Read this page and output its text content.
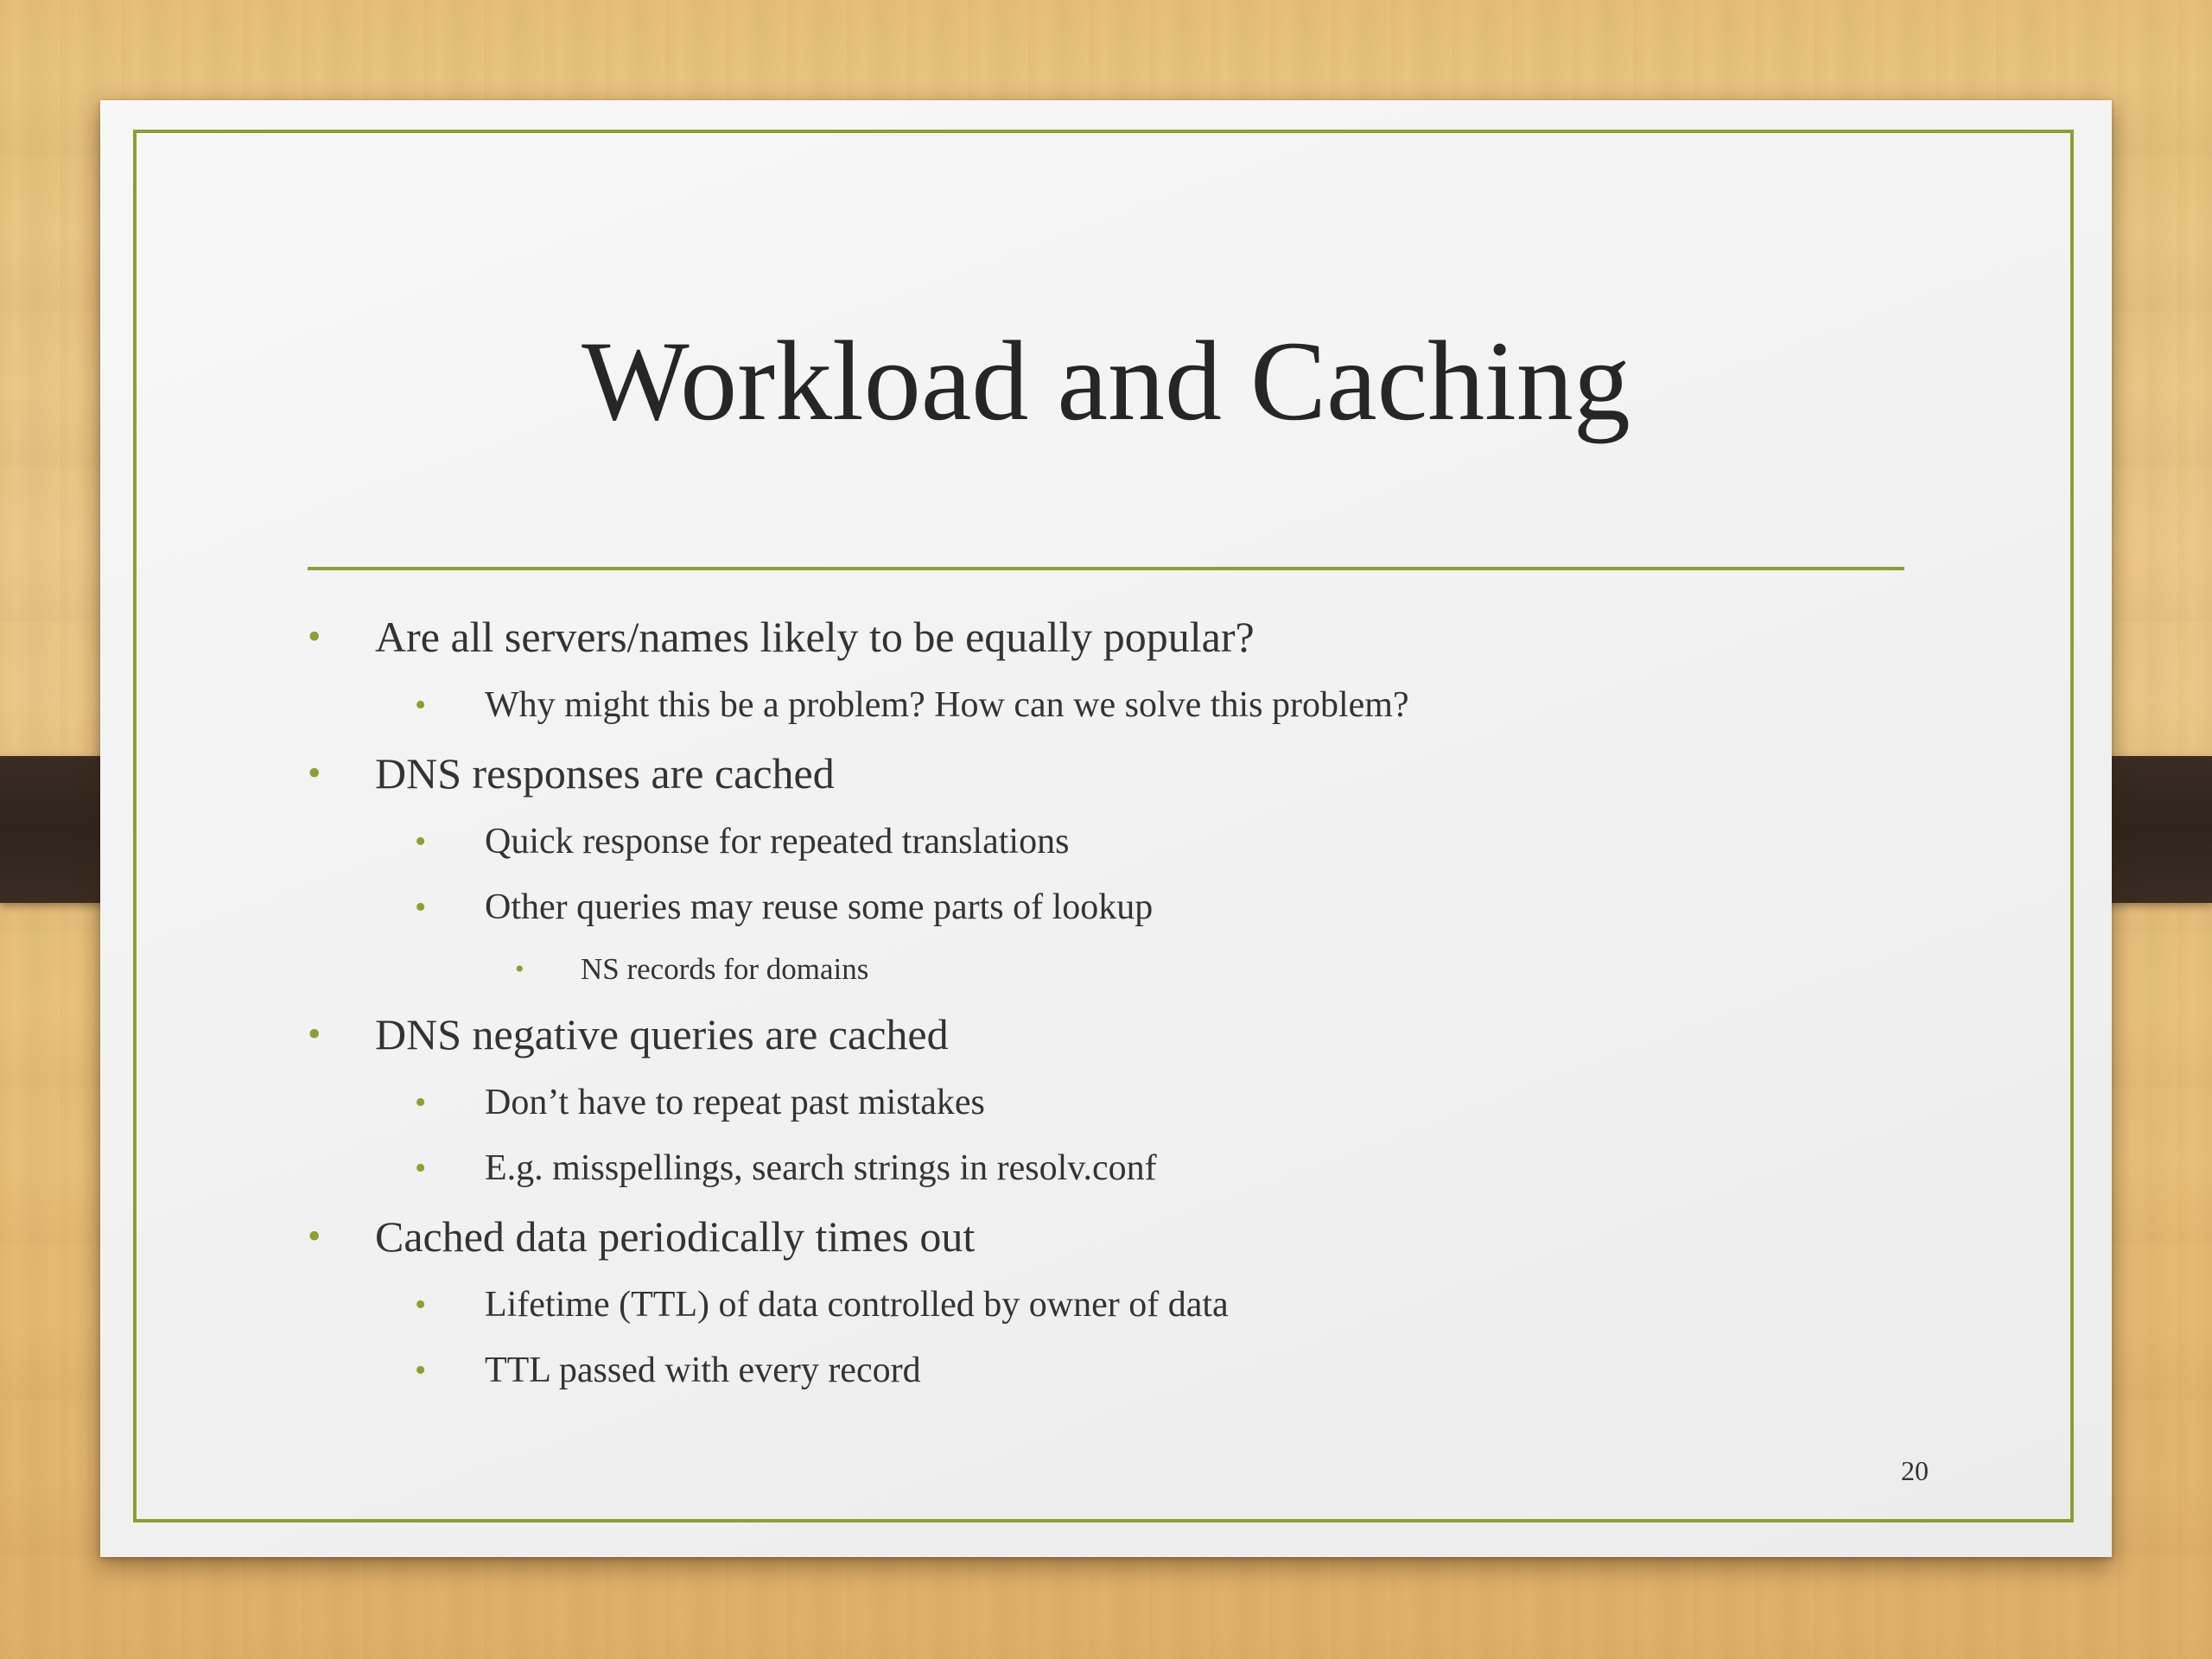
Workload and Caching
• Are all servers/names likely to be equally popular?
• Why might this be a problem? How can we solve this problem?
• DNS responses are cached
• Quick response for repeated translations
• Other queries may reuse some parts of lookup
• NS records for domains
• DNS negative queries are cached
• Don’t have to repeat past mistakes
• E.g. misspellings, search strings in resolv.conf
• Cached data periodically times out
• Lifetime (TTL) of data controlled by owner of data
• TTL passed with every record
20
